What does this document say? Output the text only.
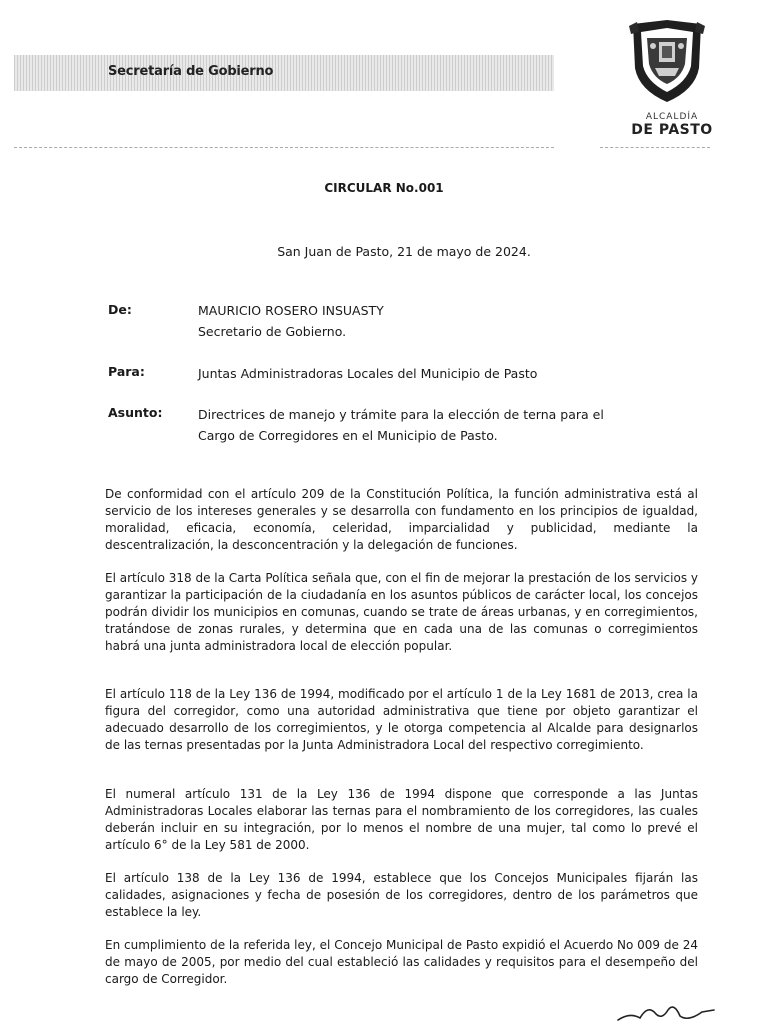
Secretaría de Gobierno
ALCALDÍA
DE PASTO
CIRCULAR No.001
San Juan de Pasto, 21 de mayo de 2024.
De:	MAURICIO ROSERO INSUASTY
Secretario de Gobierno.
Para:	Juntas Administradoras Locales del Municipio de Pasto
Asunto:	Directrices de manejo y trámite para la elección de terna para el
Cargo de Corregidores en el Municipio de Pasto.
De conformidad con el artículo 209 de la Constitución Política, la función administrativa está al servicio de los intereses generales y se desarrolla con fundamento en los principios de igualdad, moralidad, eficacia, economía, celeridad, imparcialidad y publicidad, mediante la descentralización, la desconcentración y la delegación de funciones.
El artículo 318 de la Carta Política señala que, con el fin de mejorar la prestación de los servicios y garantizar la participación de la ciudadanía en los asuntos públicos de carácter local, los concejos podrán dividir los municipios en comunas, cuando se trate de áreas urbanas, y en corregimientos, tratándose de zonas rurales, y determina que en cada una de las comunas o corregimientos habrá una junta administradora local de elección popular.
El artículo 118 de la Ley 136 de 1994, modificado por el artículo 1 de la Ley 1681 de 2013, crea la figura del corregidor, como una autoridad administrativa que tiene por objeto garantizar el adecuado desarrollo de los corregimientos, y le otorga competencia al Alcalde para designarlos de las ternas presentadas por la Junta Administradora Local del respectivo corregimiento.
El numeral artículo 131 de la Ley 136 de 1994 dispone que corresponde a las Juntas Administradoras Locales elaborar las ternas para el nombramiento de los corregidores, las cuales deberán incluir en su integración, por lo menos el nombre de una mujer, tal como lo prevé el artículo 6° de la Ley 581 de 2000.
El artículo 138 de la Ley 136 de 1994, establece que los Concejos Municipales fijarán las calidades, asignaciones y fecha de posesión de los corregidores, dentro de los parámetros que establece la ley.
En cumplimiento de la referida ley, el Concejo Municipal de Pasto expidió el Acuerdo No 009 de 24 de mayo de 2005, por medio del cual estableció las calidades y requisitos para el desempeño del cargo de Corregidor.
